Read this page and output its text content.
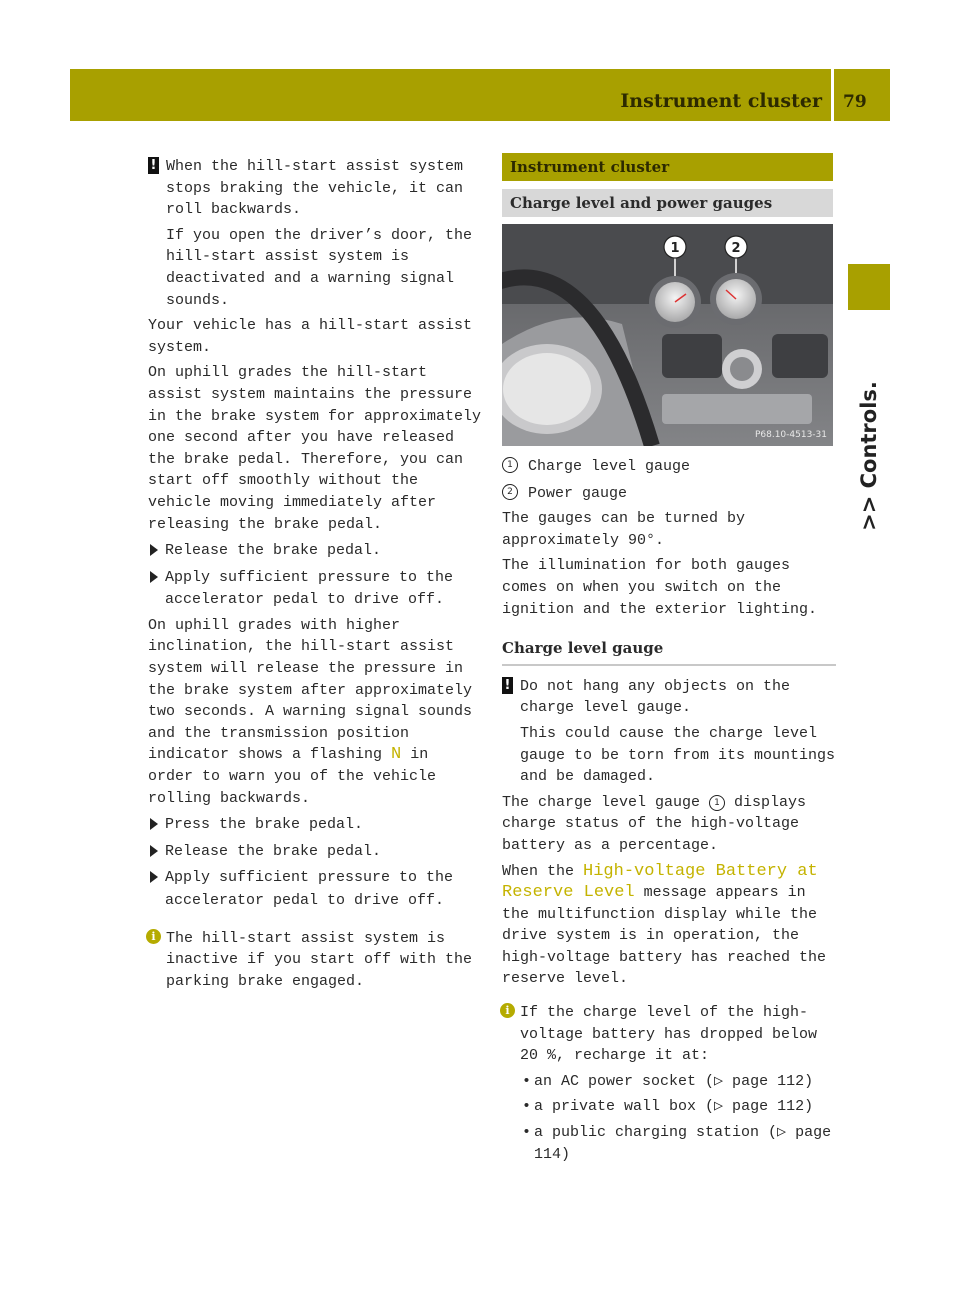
Instrument cluster 79
>> Controls.
! When the hill-start assist system stops braking the vehicle, it can roll backwards.

If you open the driver’s door, the hill-start assist system is deactivated and a warning signal sounds.

Your vehicle has a hill-start assist system.

On uphill grades the hill-start assist system maintains the pressure in the brake system for approximately one second after you have released the brake pedal. Therefore, you can start off smoothly without the vehicle moving immediately after releasing the brake pedal.

Release the brake pedal.
Apply sufficient pressure to the accelerator pedal to drive off.

On uphill grades with higher inclination, the hill-start assist system will release the pressure in the brake system after approximately two seconds. A warning signal sounds and the transmission position indicator shows a flashing N in order to warn you of the vehicle rolling backwards.

Press the brake pedal.
Release the brake pedal.
Apply sufficient pressure to the accelerator pedal to drive off.
i The hill-start assist system is inactive if you start off with the parking brake engaged.

Instrument cluster
Charge level and power gauges
1	2
P68.10-4513-31
1	Charge level gauge
2	Power gauge

The gauges can be turned by approximately 90°.

The illumination for both gauges comes on when you switch on the ignition and the exterior lighting.

Charge level gauge
! Do not hang any objects on the charge level gauge.

This could cause the charge level gauge to be torn from its mountings and be damaged.

The charge level gauge 1 displays charge status of the high-voltage battery as a percentage.

When the High-voltage Battery at Reserve Level message appears in the multifunction display while the drive system is in operation, the high-voltage battery has reached the reserve level.

i If the charge level of the high-voltage battery has dropped below 20 %, recharge it at:

• an AC power socket (▷ page 112)
• a private wall box (▷ page 112)
• a public charging station (▷ page 114)
